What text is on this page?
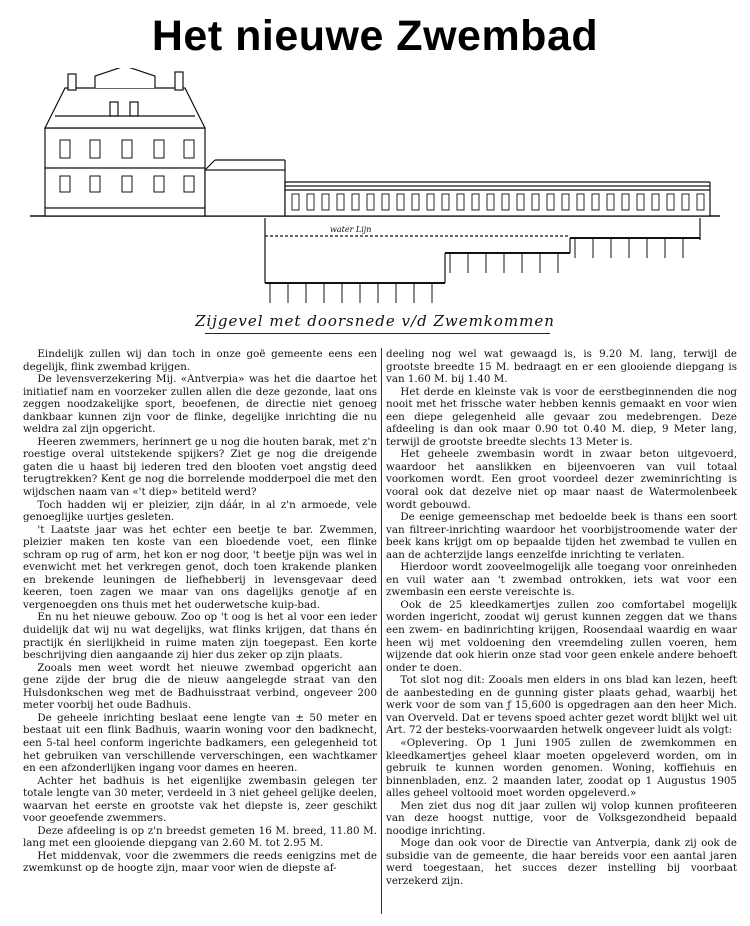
Het nieuwe Zwembad
water Lijn
Zijgevel met doorsnede v/d Zwemkommen

Eindelijk zullen wij dan toch in onze goë gemeente eens een degelijk, flink zwembad krijgen.

De levensverzekering Mij. «Antverpia» was het die daartoe het initiatief nam en voorzeker zullen allen die deze gezonde, laat ons zeggen noodzakelijke sport, beoefenen, de directie niet genoeg dankbaar kunnen zijn voor de flinke, degelijke inrichting die nu weldra zal zijn opgericht.

Heeren zwemmers, herinnert ge u nog die houten barak, met z'n roestige overal uitstekende spijkers? Ziet ge nog die dreigende gaten die u haast bij iederen tred den blooten voet angstig deed terugtrekken? Kent ge nog die borrelende modderpoel die met den wijdschen naam van «'t diep» betiteld werd?

Toch hadden wij er pleizier, zijn dáár, in al z'n armoede, vele genoeglijke uurtjes gesleten.

't Laatste jaar was het echter een beetje te bar. Zwemmen, pleizier maken ten koste van een bloedende voet, een flinke schram op rug of arm, het kon er nog door, 't beetje pijn was wel in evenwicht met het verkregen genot, doch toen krakende planken en brekende leuningen de liefhebberij in levensgevaar deed keeren, toen zagen we maar van ons dagelijks genotje af en vergenoegden ons thuis met het ouderwetsche kuip-bad.

En nu het nieuwe gebouw. Zoo op 't oog is het al voor een ieder duidelijk dat wij nu wat degelijks, wat flinks krijgen, dat thans én practijk én sierlijkheid in ruime maten zijn toegepast. Een korte beschrijving dien aangaande zij hier dus zeker op zijn plaats.

Zooals men weet wordt het nieuwe zwembad opgericht aan gene zijde der brug die de nieuw aangelegde straat van den Hulsdonkschen weg met de Badhuisstraat verbind, ongeveer 200 meter voorbij het oude Badhuis.

De geheele inrichting beslaat eene lengte van ± 50 meter en bestaat uit een flink Badhuis, waarin woning voor den badknecht, een 5-tal heel conform ingerichte badkamers, een gelegenheid tot het gebruiken van verschillende ververschingen, een wachtkamer en een afzonderlijken ingang voor dames en heeren.

Achter het badhuis is het eigenlijke zwembasin gelegen ter totale lengte van 30 meter, verdeeld in 3 niet geheel gelijke deelen, waarvan het eerste en grootste vak het diepste is, zeer geschikt voor geoefende zwemmers.

Deze afdeeling is op z'n breedst gemeten 16 M. breed, 11.80 M. lang met een glooiende diepgang van 2.60 M. tot 2.95 M.

Het middenvak, voor die zwemmers die reeds eenigzins met de zwemkunst op de hoogte zijn, maar voor wien de diepste af-

deeling nog wel wat gewaagd is, is 9.20 M. lang, terwijl de grootste breedte 15 M. bedraagt en er een glooiende diepgang is van 1.60 M. bij 1.40 M.

Het derde en kleinste vak is voor de eerstbeginnenden die nog nooit met het frissche water hebben kennis gemaakt en voor wien een diepe gelegenheid alle gevaar zou medebrengen. Deze afdeeling is dan ook maar 0.90 tot 0.40 M. diep, 9 Meter lang, terwijl de grootste breedte slechts 13 Meter is.

Het geheele zwembasin wordt in zwaar beton uitgevoerd, waardoor het aanslikken en bijeenvoeren van vuil totaal voorkomen wordt. Een groot voordeel dezer zweminrichting is vooral ook dat dezelve niet op maar naast de Watermolenbeek wordt gebouwd.

De eenige gemeenschap met bedoelde beek is thans een soort van filtreer-inrichting waardoor het voorbijstroomende water der beek kans krijgt om op bepaalde tijden het zwembad te vullen en aan de achterzijde langs eenzelfde inrichting te verlaten.

Hierdoor wordt zooveelmogelijk alle toegang voor onreinheden en vuil water aan 't zwembad ontrokken, iets wat voor een zwembasin een eerste vereischte is.

Ook de 25 kleedkamertjes zullen zoo comfortabel mogelijk worden ingericht, zoodat wij gerust kunnen zeggen dat we thans een zwem- en badinrichting krijgen, Roosendaal waardig en waar heen wij met voldoening den vreemdeling zullen voeren, hem wijzende dat ook hierin onze stad voor geen enkele andere behoeft onder te doen.

Tot slot nog dit: Zooals men elders in ons blad kan lezen, heeft de aanbesteding en de gunning gister plaats gehad, waarbij het werk voor de som van ƒ 15,600 is opgedragen aan den heer Mich. van Overveld. Dat er tevens spoed achter gezet wordt blijkt wel uit Art. 72 der besteks-voorwaarden hetwelk ongeveer luidt als volgt:

«Oplevering. Op 1 Juni 1905 zullen de zwemkommen en kleedkamertjes geheel klaar moeten opgeleverd worden, om in gebruik te kunnen worden genomen. Woning, koffiehuis en binnenbladen, enz. 2 maanden later, zoodat op 1 Augustus 1905 alles geheel voltooid moet worden opgeleverd.»

Men ziet dus nog dit jaar zullen wij volop kunnen profiteeren van deze hoogst nuttige, voor de Volksgezondheid bepaald noodige inrichting.

Moge dan ook voor de Directie van Antverpia, dank zij ook de subsidie van de gemeente, die haar bereids voor een aantal jaren werd toegestaan, het succes dezer instelling bij voorbaat verzekerd zijn.
